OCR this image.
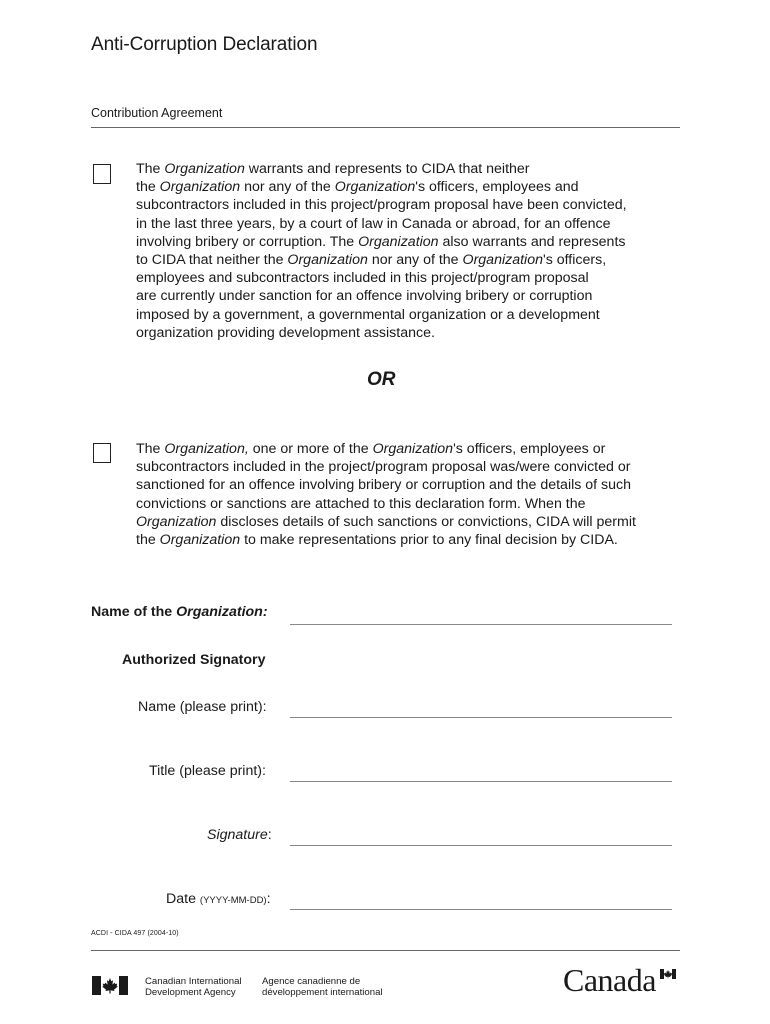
Anti-Corruption Declaration
Contribution Agreement

The Organization warrants and represents to CIDA that neither

the Organization nor any of the Organization's officers, employees and

subcontractors included in this project/program proposal have been convicted,

in the last three years, by a court of law in Canada or abroad, for an offence

involving bribery or corruption. The Organization also warrants and represents

to CIDA that neither the Organization nor any of the Organization's officers,

employees and subcontractors included in this project/program proposal

are currently under sanction for an offence involving bribery or corruption

imposed by a government, a governmental organization or a development

organization providing development assistance.

OR

The Organization, one or more of the Organization's officers, employees or

subcontractors included in the project/program proposal was/were convicted or

sanctioned for an offence involving bribery or corruption and the details of such

convictions or sanctions are attached to this declaration form. When the

Organization discloses details of such sanctions or convictions, CIDA will permit

the Organization to make representations prior to any final decision by CIDA.

Name of the Organization:
Authorized Signatory
Name (please print):
Title (please print):
Signature:
Date (YYYY-MM-DD):
ACDI - CIDA 497 (2004-10)
Canadian International
Development Agency
Agence canadienne de
développement international	Canada
